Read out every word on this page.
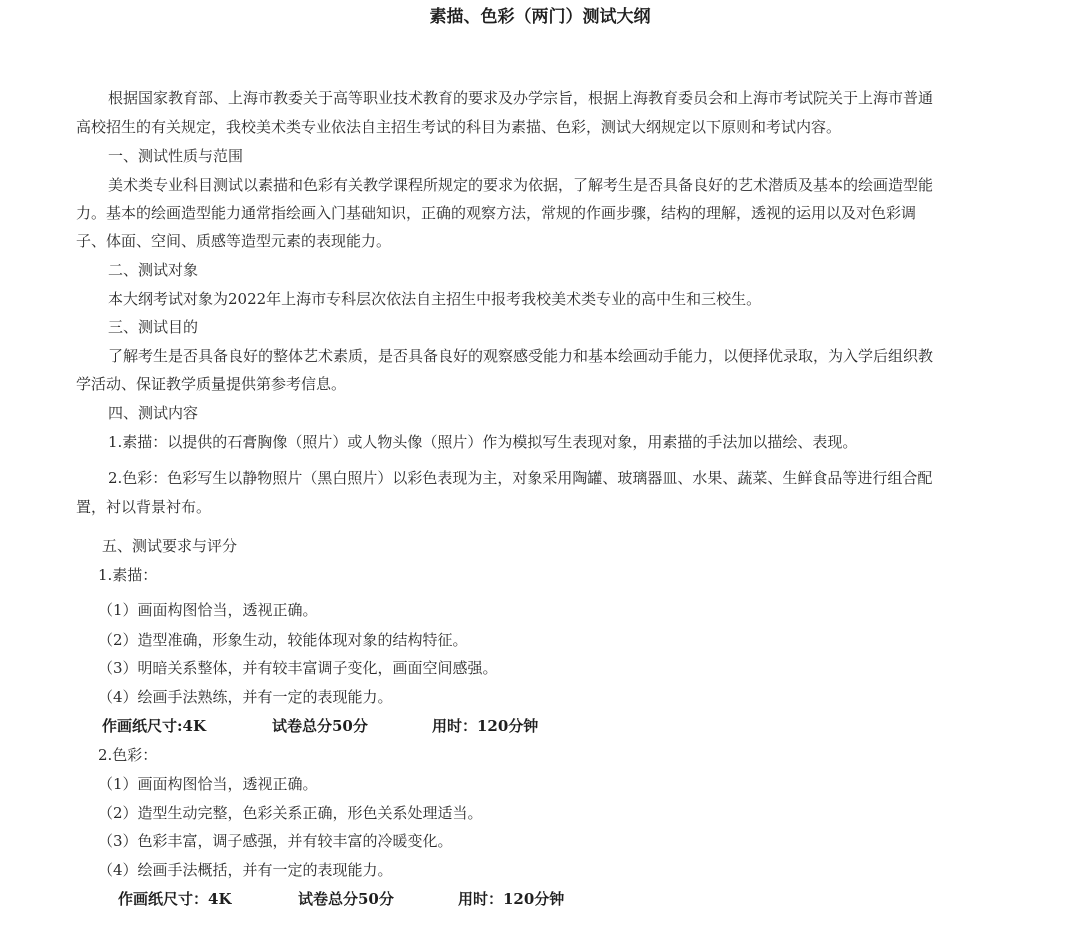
素描、色彩（两门）测试大纲
根据国家教育部、上海市教委关于高等职业技术教育的要求及办学宗旨，根据上海教育委员会和上海市考试院关于上海市普通
高校招生的有关规定，我校美术类专业依法自主招生考试的科目为素描、色彩，测试大纲规定以下原则和考试内容。
一、测试性质与范围
美术类专业科目测试以素描和色彩有关教学课程所规定的要求为依据，了解考生是否具备良好的艺术潜质及基本的绘画造型能
力。基本的绘画造型能力通常指绘画入门基础知识，正确的观察方法，常规的作画步骤，结构的理解，透视的运用以及对色彩调
子、体面、空间、质感等造型元素的表现能力。
二、测试对象
本大纲考试对象为2022年上海市专科层次依法自主招生中报考我校美术类专业的高中生和三校生。
三、测试目的
了解考生是否具备良好的整体艺术素质，是否具备良好的观察感受能力和基本绘画动手能力，以便择优录取，为入学后组织教
学活动、保证教学质量提供第参考信息。
四、测试内容
1.素描：以提供的石膏胸像（照片）或人物头像（照片）作为模拟写生表现对象，用素描的手法加以描绘、表现。
2.色彩：色彩写生以静物照片（黑白照片）以彩色表现为主，对象采用陶罐、玻璃器皿、水果、蔬菜、生鲜食品等进行组合配
置，衬以背景衬布。
五、测试要求与评分
1.素描：
（1）画面构图恰当，透视正确。
（2）造型准确，形象生动，较能体现对象的结构特征。
（3）明暗关系整体，并有较丰富调子变化，画面空间感强。
（4）绘画手法熟练，并有一定的表现能力。
作画纸尺寸:4K	试卷总分50分	用时：120分钟
2.色彩：
（1）画面构图恰当，透视正确。
（2）造型生动完整，色彩关系正确，形色关系处理适当。
（3）色彩丰富，调子感强，并有较丰富的冷暖变化。
（4）绘画手法概括，并有一定的表现能力。
作画纸尺寸：4K	试卷总分50分	用时：120分钟
